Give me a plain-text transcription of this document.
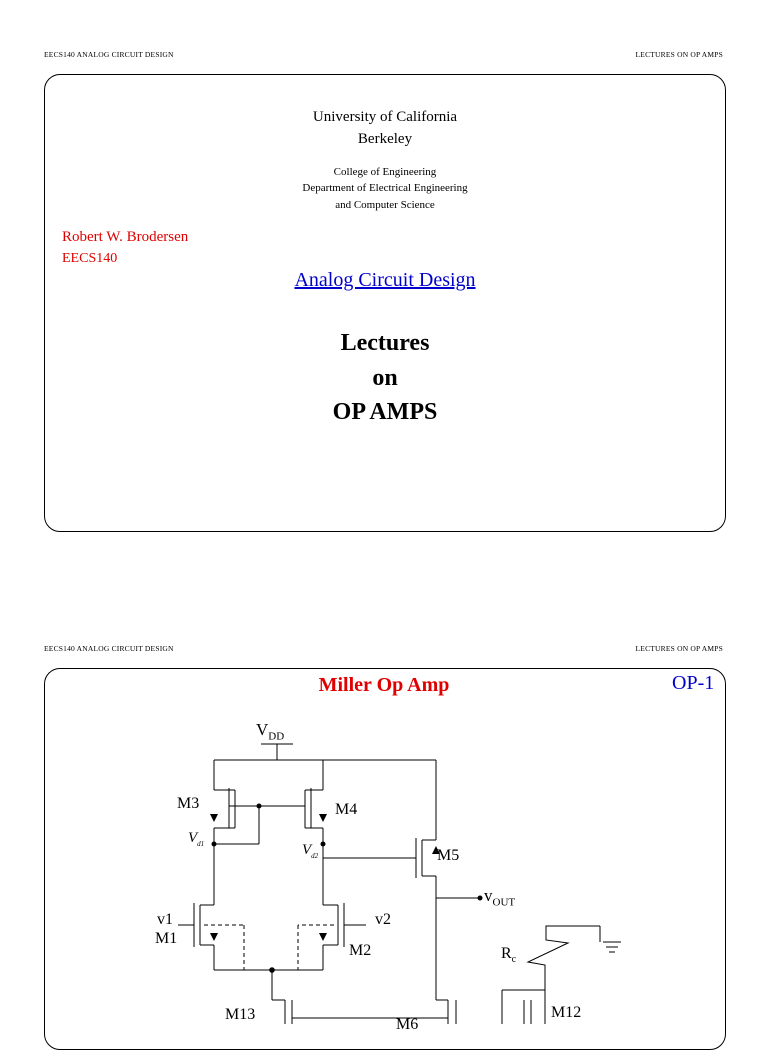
EECS140 ANALOG CIRCUIT DESIGN	LECTURES ON OP AMPS
University of California
Berkeley
College of Engineering
Department of Electrical Engineering
and Computer Science
Robert W. Brodersen
EECS140
Analog Circuit Design
Lectures
on
OP AMPS
EECS140 ANALOG CIRCUIT DESIGN	LECTURES ON OP AMPS
Miller Op Amp	OP-1
$V_{DD}$
M3	M4
$V_{d1}$	$V_{d2}$	M5
$v_{OUT}$
v1
M1
v2
M2	$R_c$
M13
M6
M12
